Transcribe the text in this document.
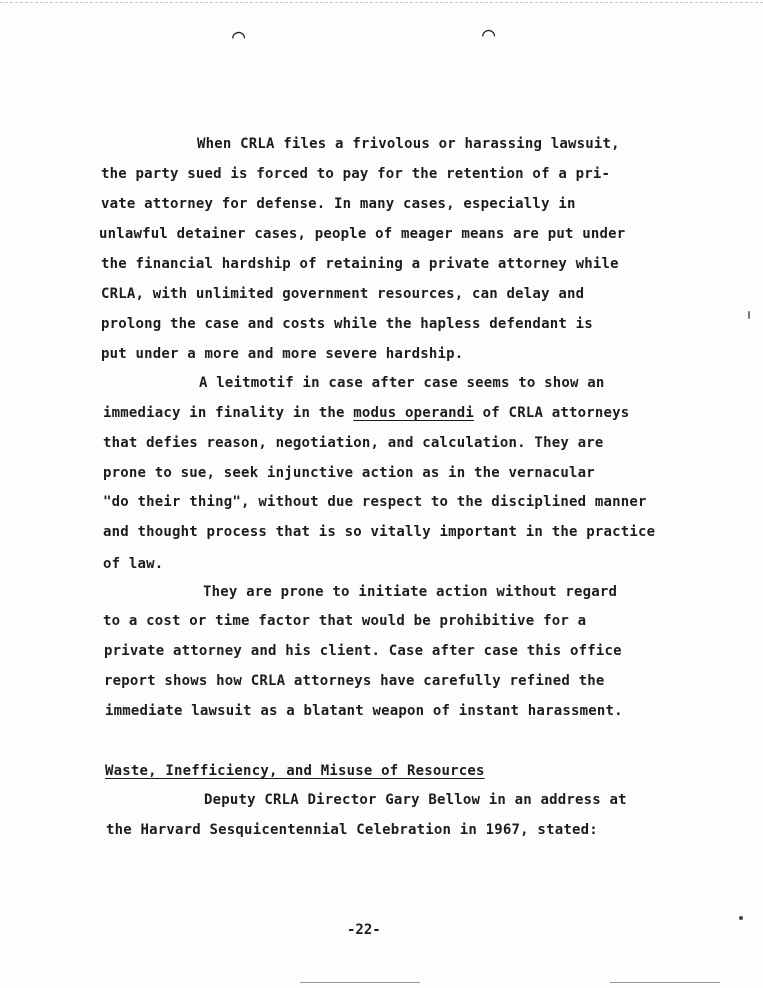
⌒	⌒
When CRLA files a frivolous or harassing lawsuit,
the party sued is forced to pay for the retention of a pri-
vate attorney for defense. In many cases, especially in
unlawful detainer cases, people of meager means are put under
the financial hardship of retaining a private attorney while
CRLA, with unlimited government resources, can delay and
prolong the case and costs while the hapless defendant is
put under a more and more severe hardship.
A leitmotif in case after case seems to show an
immediacy in finality in the modus operandi of CRLA attorneys
that defies reason, negotiation, and calculation. They are
prone to sue, seek injunctive action as in the vernacular
"do their thing", without due respect to the disciplined manner
and thought process that is so vitally important in the practice
of law.
They are prone to initiate action without regard
to a cost or time factor that would be prohibitive for a
private attorney and his client. Case after case this office
report shows how CRLA attorneys have carefully refined the
immediate lawsuit as a blatant weapon of instant harassment.
Waste, Inefficiency, and Misuse of Resources
Deputy CRLA Director Gary Bellow in an address at
the Harvard Sesquicentennial Celebration in 1967, stated:
-22-
